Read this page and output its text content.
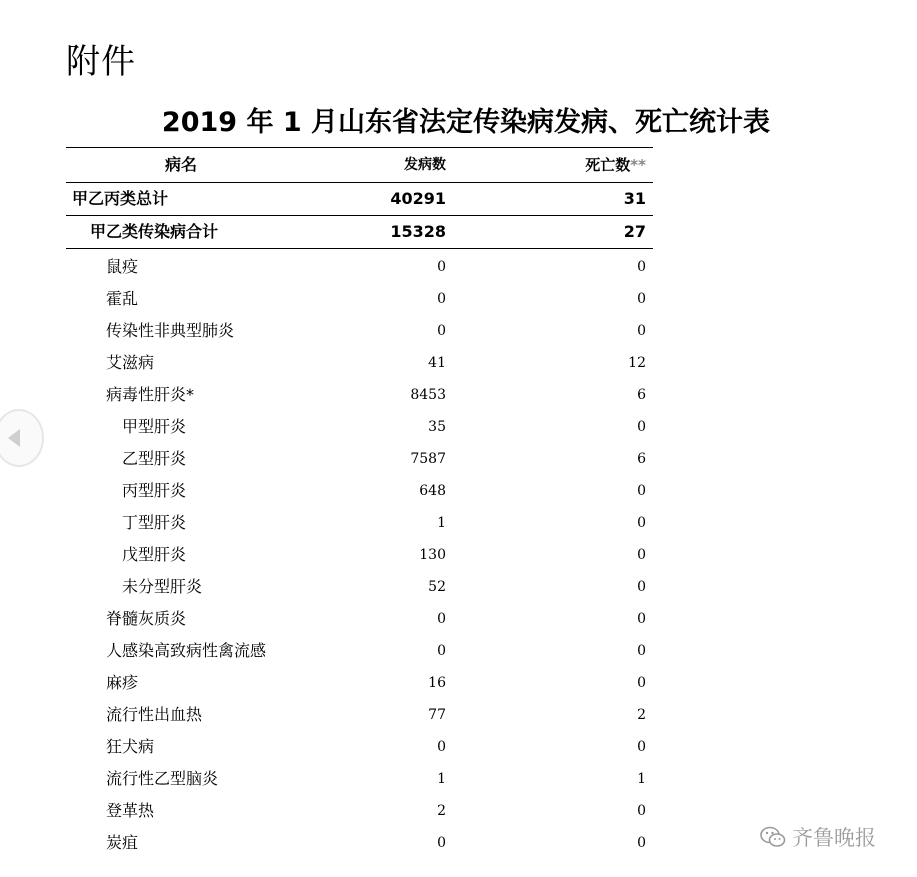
附件
2019 年 1 月山东省法定传染病发病、死亡统计表
病名	发病数	死亡数**
甲乙丙类总计	40291	31
甲乙类传染病合计	15328	27
鼠疫	0	0
霍乱	0	0
传染性非典型肺炎	0	0
艾滋病	41	12
病毒性肝炎*	8453	6
甲型肝炎	35	0
乙型肝炎	7587	6
丙型肝炎	648	0
丁型肝炎	1	0
戊型肝炎	130	0
未分型肝炎	52	0
脊髓灰质炎	0	0
人感染高致病性禽流感	0	0
麻疹	16	0
流行性出血热	77	2
狂犬病	0	0
流行性乙型脑炎	1	1
登革热	2	0
炭疽	0	0	齐鲁晚报
